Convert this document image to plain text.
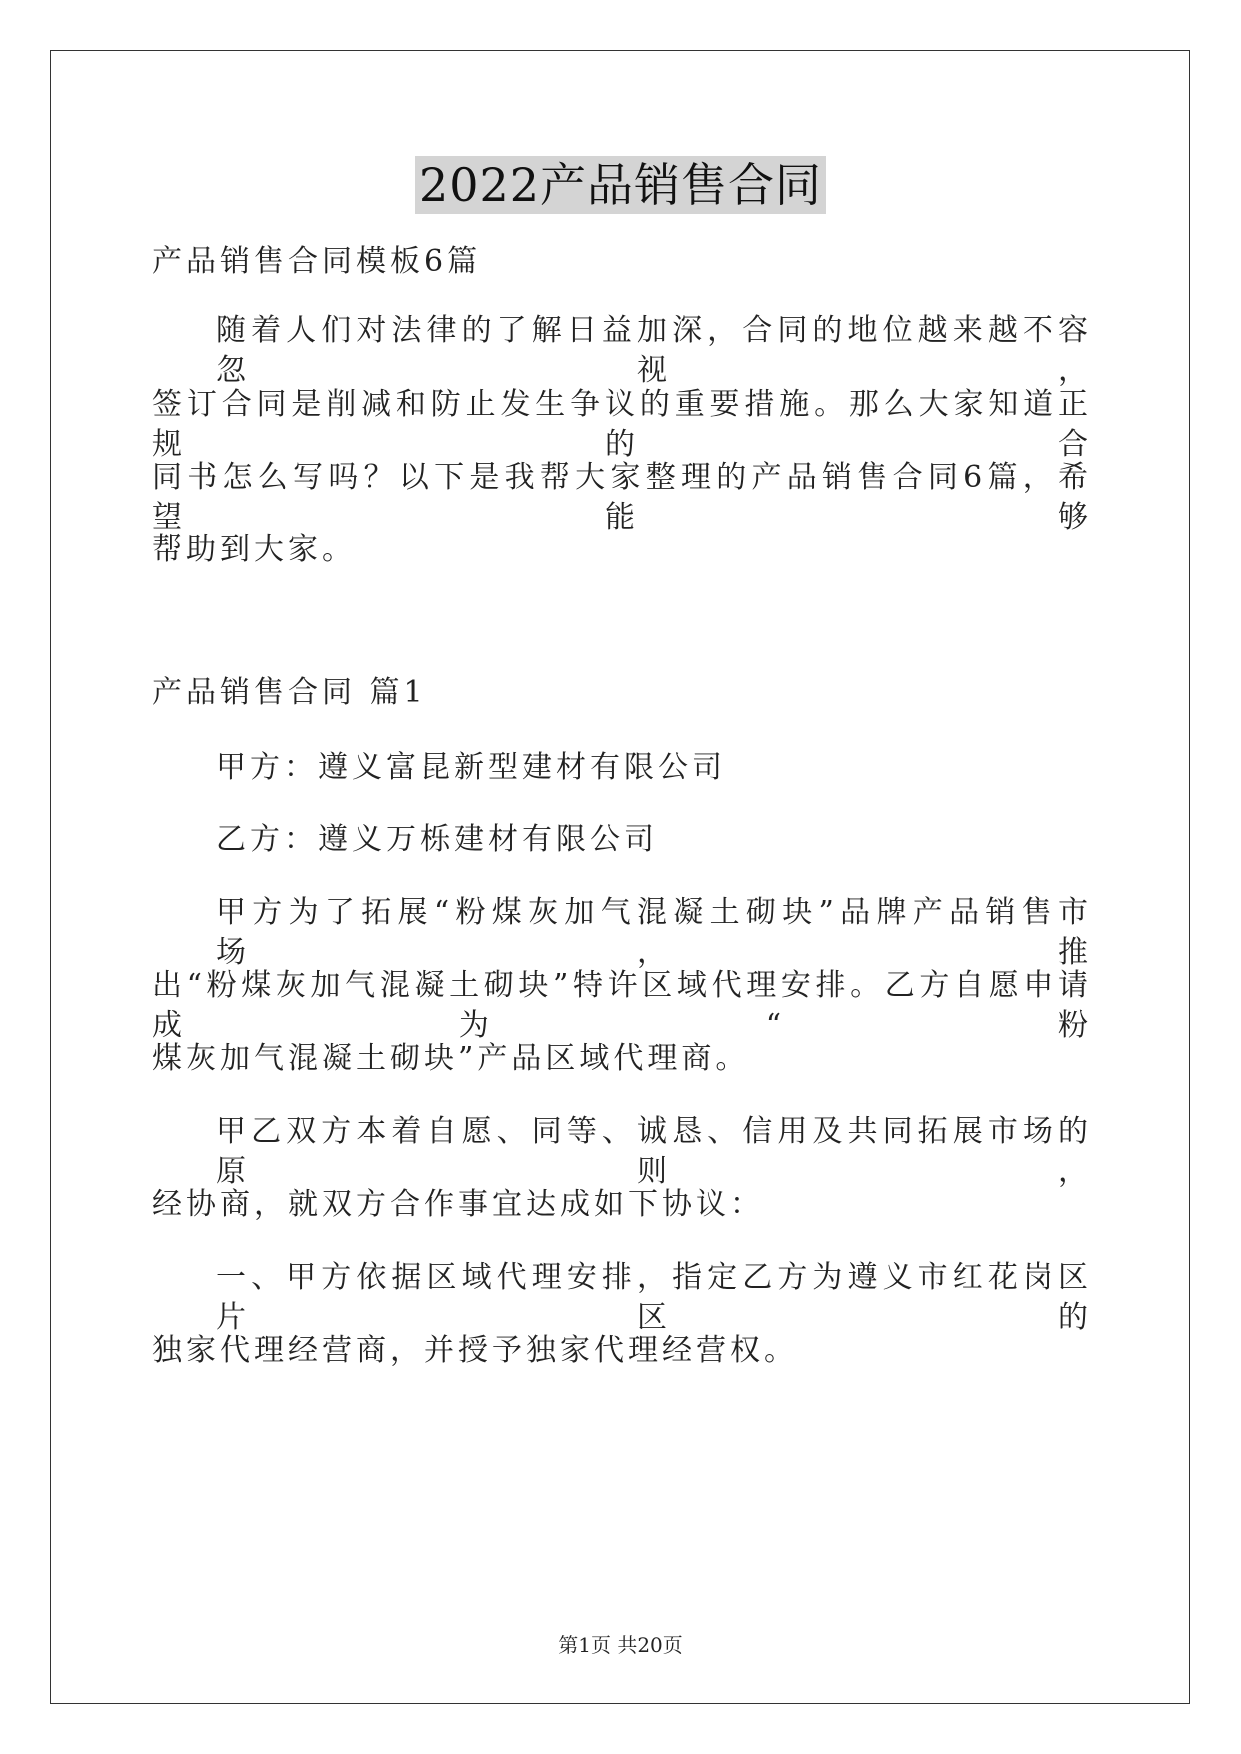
2022产品销售合同
产品销售合同模板6篇
随着人们对法律的了解日益加深，合同的地位越来越不容忽视，
签订合同是削减和防止发生争议的重要措施。那么大家知道正规的合
同书怎么写吗？以下是我帮大家整理的产品销售合同6篇，希望能够
帮助到大家。
产品销售合同 篇1
甲方：遵义富昆新型建材有限公司
乙方：遵义万栎建材有限公司
甲方为了拓展“粉煤灰加气混凝土砌块”品牌产品销售市场，推
出“粉煤灰加气混凝土砌块”特许区域代理安排。乙方自愿申请成为“粉
煤灰加气混凝土砌块”产品区域代理商。
甲乙双方本着自愿、同等、诚恳、信用及共同拓展市场的原则，
经协商，就双方合作事宜达成如下协议：
一、甲方依据区域代理安排，指定乙方为遵义市红花岗区片区的
独家代理经营商，并授予独家代理经营权。
第1页 共20页
